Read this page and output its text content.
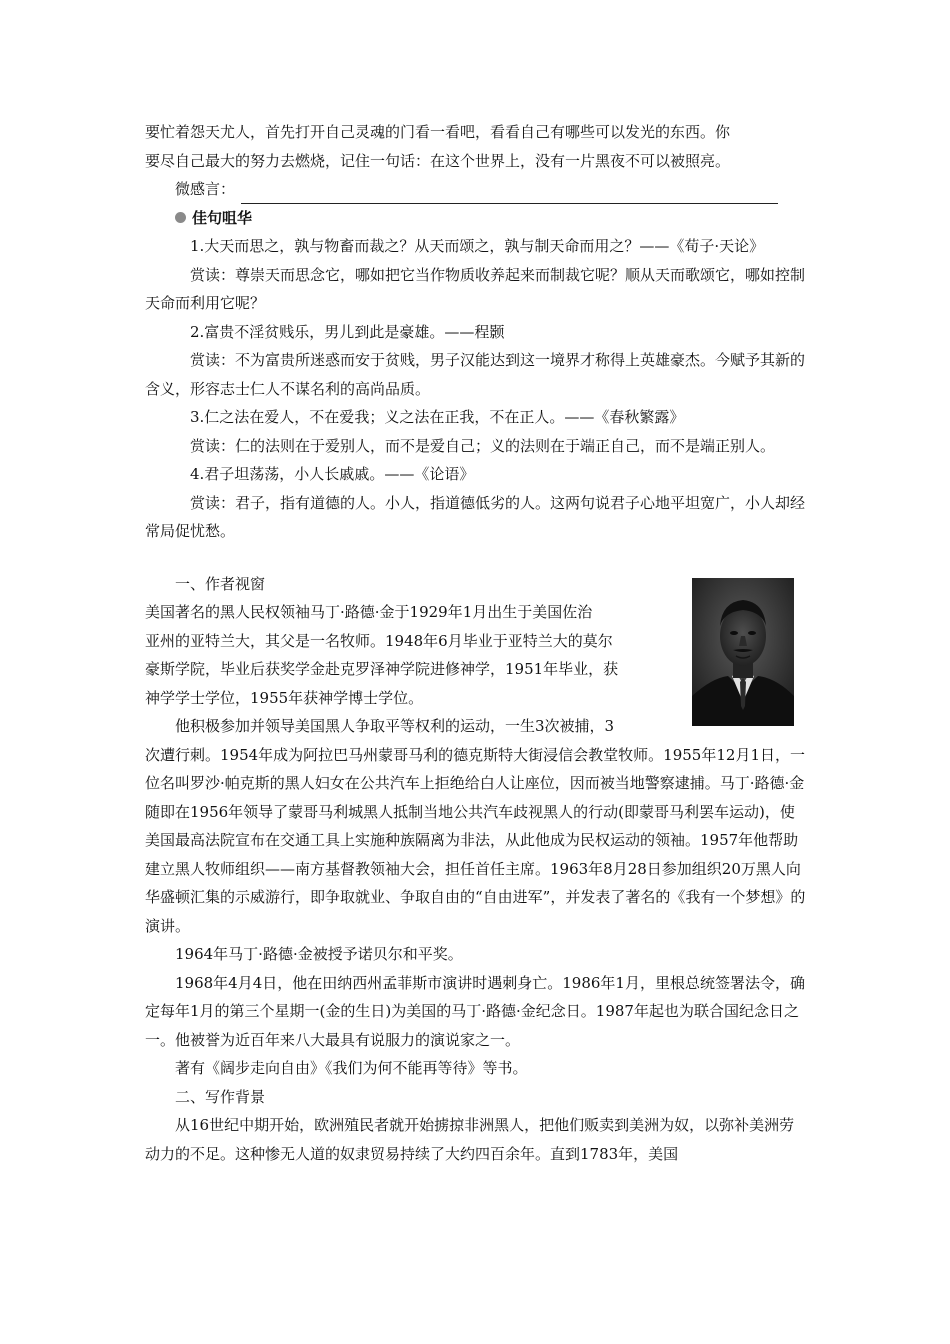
要忙着怨天尤人，首先打开自己灵魂的门看一看吧，看看自己有哪些可以发光的东西。你

要尽自己最大的努力去燃烧，记住一句话：在这个世界上，没有一片黑夜不可以被照亮。

微感言：
佳句咀华

1.大天而思之，孰与物畜而裁之？从天而颂之，孰与制天命而用之？——《荀子·天论》

赏读：尊崇天而思念它，哪如把它当作物质收养起来而制裁它呢？顺从天而歌颂它，哪如控制天命而利用它呢？

2.富贵不淫贫贱乐，男儿到此是豪雄。——程颢

赏读：不为富贵所迷惑而安于贫贱，男子汉能达到这一境界才称得上英雄豪杰。今赋予其新的含义，形容志士仁人不谋名利的高尚品质。

3.仁之法在爱人，不在爱我；义之法在正我，不在正人。——《春秋繁露》

赏读：仁的法则在于爱别人，而不是爱自己；义的法则在于端正自己，而不是端正别人。

4.君子坦荡荡，小人长戚戚。——《论语》

赏读：君子，指有道德的人。小人，指道德低劣的人。这两句说君子心地平坦宽广，小人却经常局促忧愁。

一、作者视窗

美国著名的黑人民权领袖马丁·路德·金于1929年1月出生于美国佐治

亚州的亚特兰大，其父是一名牧师。1948年6月毕业于亚特兰大的莫尔

豪斯学院，毕业后获奖学金赴克罗泽神学院进修神学，1951年毕业，获

神学学士学位，1955年获神学博士学位。

他积极参加并领导美国黑人争取平等权利的运动，一生3次被捕，3

次遭行刺。1954年成为阿拉巴马州蒙哥马利的德克斯特大街浸信会教堂牧师。1955年12月1日，一位名叫罗沙·帕克斯的黑人妇女在公共汽车上拒绝给白人让座位，因而被当地警察逮捕。马丁·路德·金随即在1956年领导了蒙哥马利城黑人抵制当地公共汽车歧视黑人的行动(即蒙哥马利罢车运动)，使美国最高法院宣布在交通工具上实施种族隔离为非法，从此他成为民权运动的领袖。1957年他帮助建立黑人牧师组织——南方基督教领袖大会，担任首任主席。1963年8月28日参加组织20万黑人向华盛顿汇集的示威游行，即争取就业、争取自由的“自由进军”，并发表了著名的《我有一个梦想》的演讲。

1964年马丁·路德·金被授予诺贝尔和平奖。

1968年4月4日，他在田纳西州孟菲斯市演讲时遇刺身亡。1986年1月，里根总统签署法令，确定每年1月的第三个星期一(金的生日)为美国的马丁·路德·金纪念日。1987年起也为联合国纪念日之一。他被誉为近百年来八大最具有说服力的演说家之一。

著有《阔步走向自由》《我们为何不能再等待》等书。

二、写作背景

从16世纪中期开始，欧洲殖民者就开始掳掠非洲黑人，把他们贩卖到美洲为奴，以弥补美洲劳动力的不足。这种惨无人道的奴隶贸易持续了大约四百余年。直到1783年，美国
